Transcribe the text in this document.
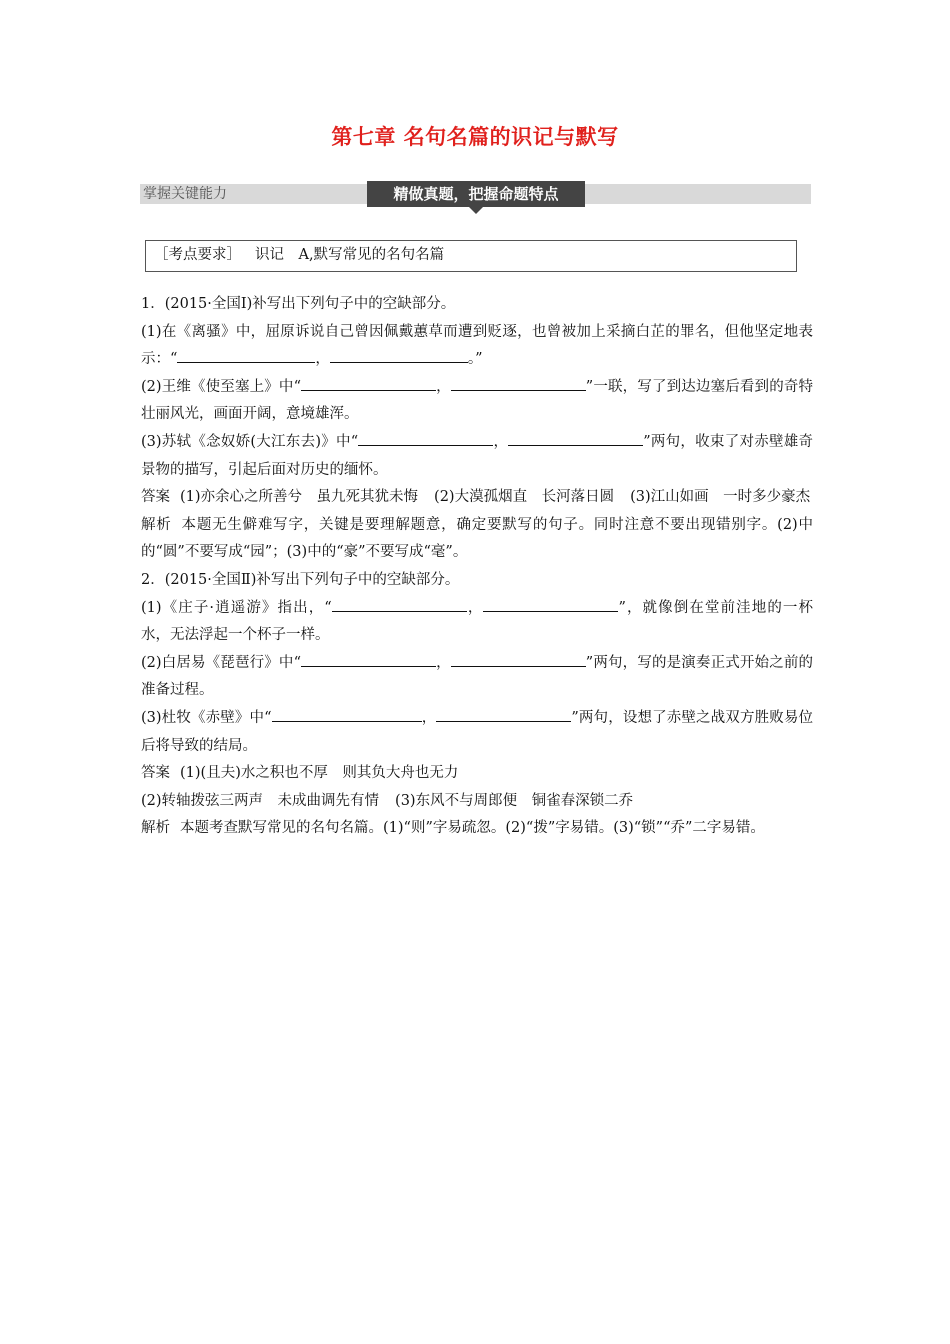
第七章 名句名篇的识记与默写
掌握关键能力	精做真题，把握命题特点
［考点要求］ 识记　A,默写常见的名句名篇

1．(2015·全国Ⅰ)补写出下列句子中的空缺部分。

(1)在《离骚》中，屈原诉说自己曾因佩戴蕙草而遭到贬逐，也曾被加上采摘白芷的罪名，但他坚定地表示：“	，	。”

(2)王维《使至塞上》中“	，	”一联，写了到达边塞后看到的奇特壮丽风光，画面开阔，意境雄浑。

(3)苏轼《念奴娇(大江东去)》中“	，	”两句，收束了对赤壁雄奇景物的描写，引起后面对历史的缅怀。

答案 (1)亦余心之所善兮　虽九死其犹未悔 (2)大漠孤烟直　长河落日圆 (3)江山如画　一时多少豪杰

解析 本题无生僻难写字，关键是要理解题意，确定要默写的句子。同时注意不要出现错别字。(2)中的“圆”不要写成“园”；(3)中的“豪”不要写成“毫”。

2．(2015·全国Ⅱ)补写出下列句子中的空缺部分。

(1)《庄子·逍遥游》指出，“	，	”，就像倒在堂前洼地的一杯水，无法浮起一个杯子一样。

(2)白居易《琵琶行》中“	，	”两句，写的是演奏正式开始之前的准备过程。

(3)杜牧《赤壁》中“	，	”两句，设想了赤壁之战双方胜败易位后将导致的结局。

答案 (1)(且夫)水之积也不厚　则其负大舟也无力

(2)转轴拨弦三两声　未成曲调先有情 (3)东风不与周郎便　铜雀春深锁二乔

解析 本题考查默写常见的名句名篇。(1)“则”字易疏忽。(2)“拨”字易错。(3)“锁”“乔”二字易错。
